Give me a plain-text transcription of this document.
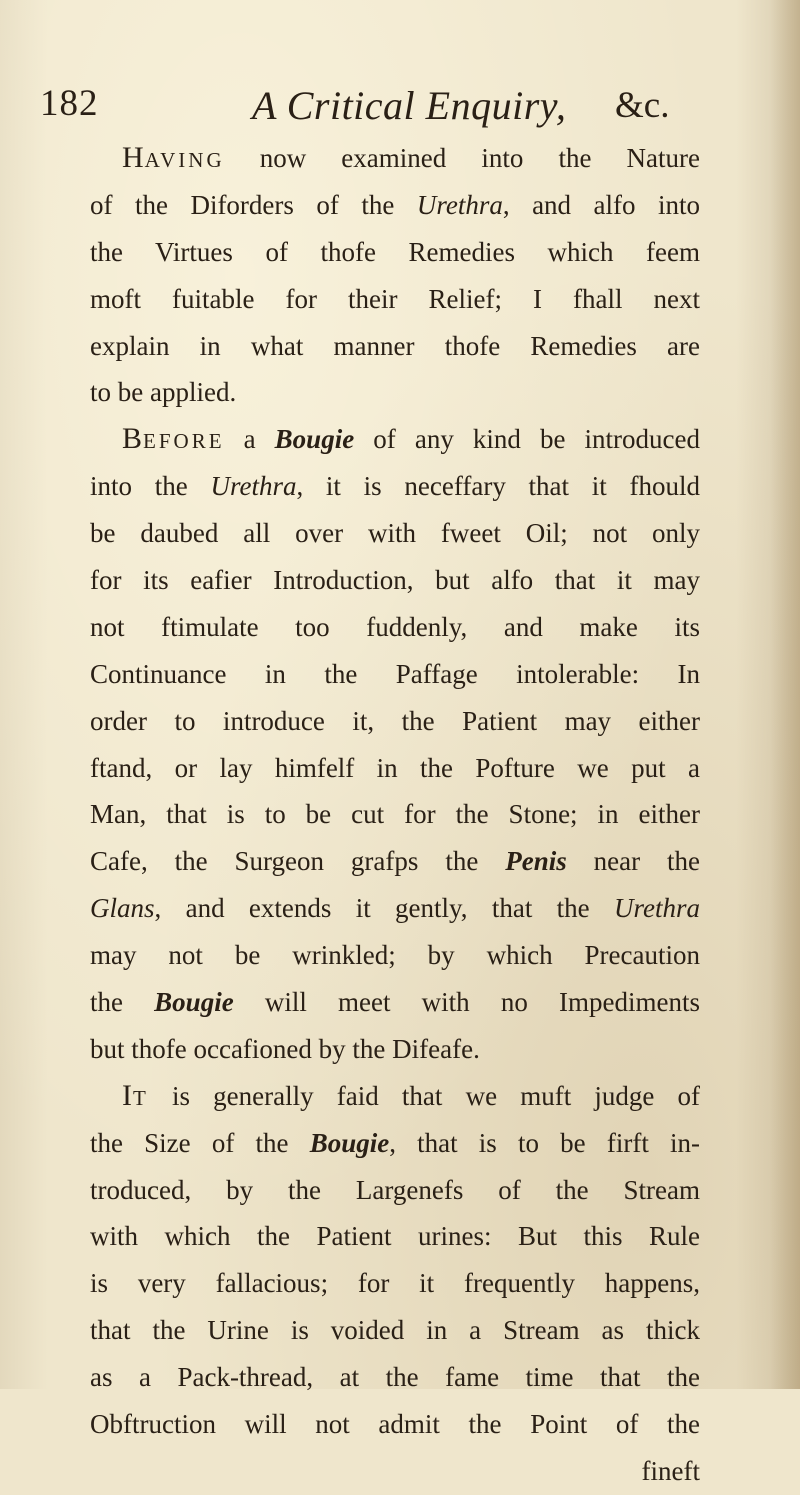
182	A Critical Enquiry, &c.
HAVING now examined into the Nature
of the Diforders of the Urethra, and alfo into
the Virtues of thofe Remedies which feem
moft fuitable for their Relief; I fhall next
explain in what manner thofe Remedies are
to be applied.
BEFORE a Bougie of any kind be introduced
into the Urethra, it is neceffary that it fhould
be daubed all over with fweet Oil; not only
for its eafier Introduction, but alfo that it may
not ftimulate too fuddenly, and make its
Continuance in the Paffage intolerable: In
order to introduce it, the Patient may either
ftand, or lay himfelf in the Pofture we put a
Man, that is to be cut for the Stone; in either
Cafe, the Surgeon grafps the Penis near the
Glans, and extends it gently, that the Urethra
may not be wrinkled; by which Precaution
the Bougie will meet with no Impediments
but thofe occafioned by the Difeafe.
IT is generally faid that we muft judge of
the Size of the Bougie, that is to be firft in-
troduced, by the Largenefs of the Stream
with which the Patient urines: But this Rule
is very fallacious; for it frequently happens,
that the Urine is voided in a Stream as thick
as a Pack-thread, at the fame time that the
Obftruction will not admit the Point of the
fineft
